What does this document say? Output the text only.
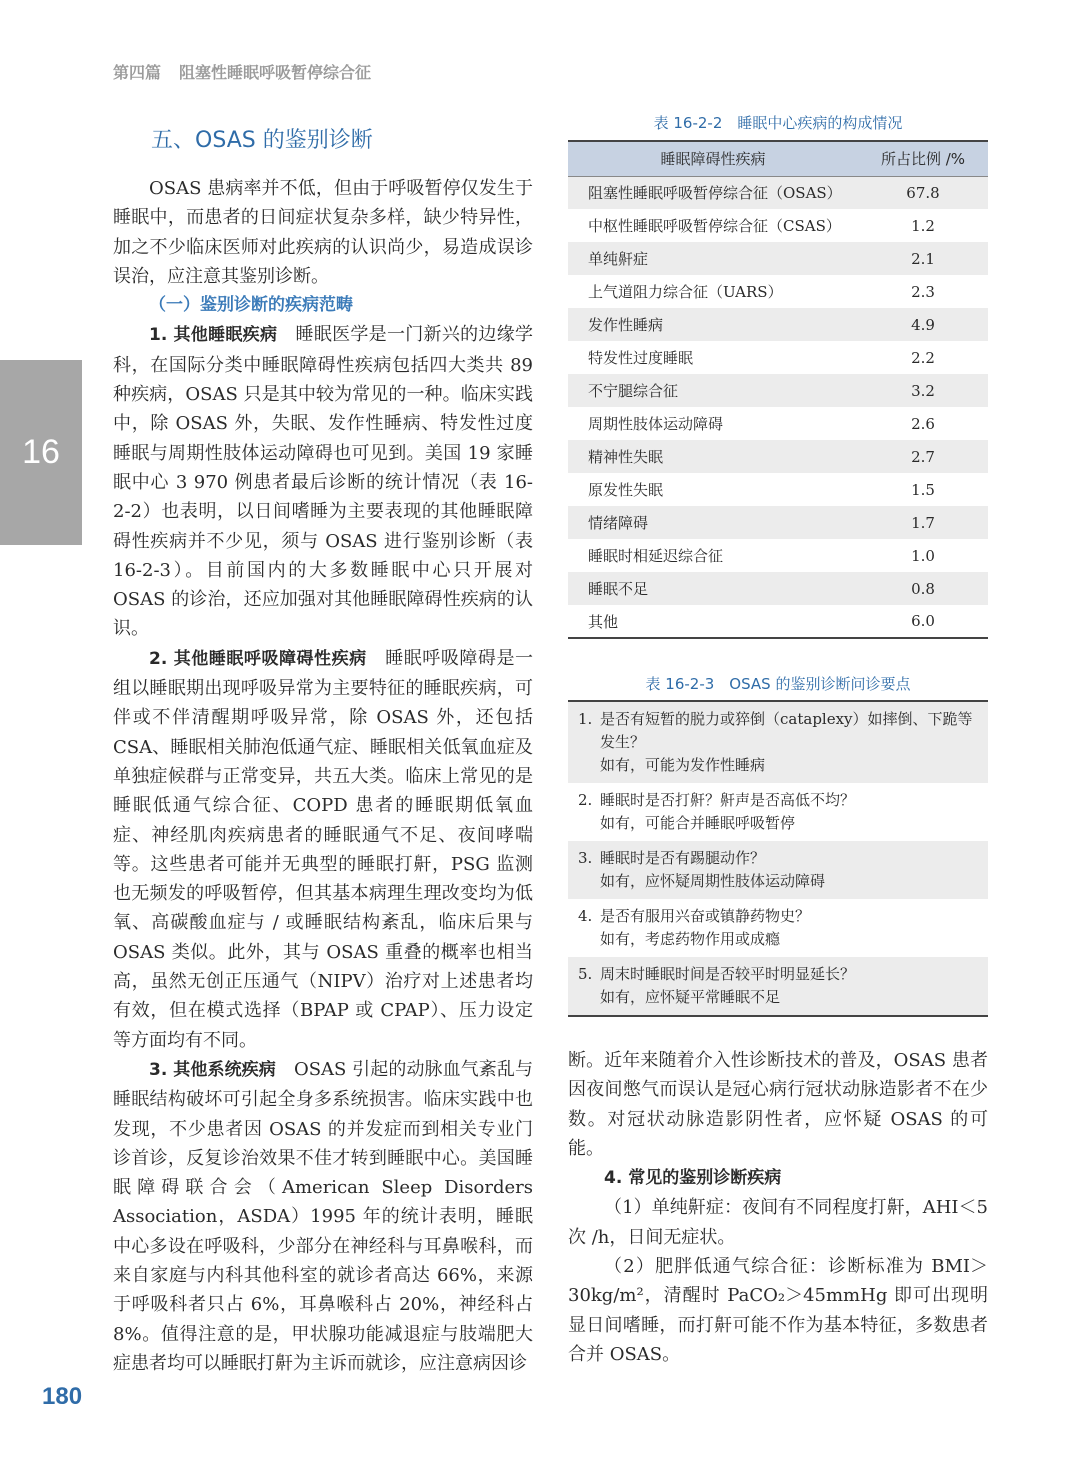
第四篇 阻塞性睡眠呼吸暂停综合征
16
五、OSAS 的鉴别诊断

OSAS 患病率并不低，但由于呼吸暂停仅发生于睡眠中，而患者的日间症状复杂多样，缺少特异性，加之不少临床医师对此疾病的认识尚少，易造成误诊误治，应注意其鉴别诊断。

（一）鉴别诊断的疾病范畴

1. 其他睡眠疾病　 睡眠医学是一门新兴的边缘学科，在国际分类中睡眠障碍性疾病包括四大类共 89 种疾病，OSAS 只是其中较为常见的一种。临床实践中，除 OSAS 外，失眠、发作性睡病、特发性过度睡眠与周期性肢体运动障碍也可见到。美国 19 家睡眠中心 3 970 例患者最后诊断的统计情况（表 16-2-2）也表明，以日间嗜睡为主要表现的其他睡眠障碍性疾病并不少见，须与 OSAS 进行鉴别诊断（表 16-2-3）。目前国内的大多数睡眠中心只开展对 OSAS 的诊治，还应加强对其他睡眠障碍性疾病的认识。

2. 其他睡眠呼吸障碍性疾病　 睡眠呼吸障碍是一组以睡眠期出现呼吸异常为主要特征的睡眠疾病，可伴或不伴清醒期呼吸异常，除 OSAS 外，还包括 CSA、睡眠相关肺泡低通气症、睡眠相关低氧血症及单独症候群与正常变异，共五大类。临床上常见的是睡眠低通气综合征、COPD 患者的睡眠期低氧血症、神经肌肉疾病患者的睡眠通气不足、夜间哮喘等。这些患者可能并无典型的睡眠打鼾，PSG 监测也无频发的呼吸暂停，但其基本病理生理改变均为低氧、高碳酸血症与 / 或睡眠结构紊乱，临床后果与 OSAS 类似。此外，其与 OSAS 重叠的概率也相当高，虽然无创正压通气（NIPV）治疗对上述患者均有效，但在模式选择（BPAP 或 CPAP）、压力设定等方面均有不同。

3. 其他系统疾病　 OSAS 引起的动脉血气紊乱与睡眠结构破坏可引起全身多系统损害。临床实践中也发现，不少患者因 OSAS 的并发症而到相关专业门诊首诊，反复诊治效果不佳才转到睡眠中心。美国睡眠障碍联合会（American Sleep Disorders Association，ASDA）1995 年的统计表明，睡眠中心多设在呼吸科，少部分在神经科与耳鼻喉科，而来自家庭与内科其他科室的就诊者高达 66%，来源于呼吸科者只占 6%，耳鼻喉科占 20%，神经科占 8%。值得注意的是，甲状腺功能减退症与肢端肥大症患者均可以睡眠打鼾为主诉而就诊，应注意病因诊

表 16-2-2　睡眠中心疾病的构成情况
睡眠障碍性疾病	所占比例 /%
阻塞性睡眠呼吸暂停综合征（OSAS）	67.8
中枢性睡眠呼吸暂停综合征（CSAS）	1.2
单纯鼾症	2.1
上气道阻力综合征（UARS）	2.3
发作性睡病	4.9
特发性过度睡眠	2.2
不宁腿综合征	3.2
周期性肢体运动障碍	2.6
精神性失眠	2.7
原发性失眠	1.5
情绪障碍	1.7
睡眠时相延迟综合征	1.0
睡眠不足	0.8
其他	6.0
表 16-2-3　OSAS 的鉴别诊断问诊要点
1. 是否有短暂的脱力或猝倒（cataplexy）如摔倒、下跪等发生？
如有，可能为发作性睡病
2. 睡眠时是否打鼾？鼾声是否高低不均？
如有，可能合并睡眠呼吸暂停
3. 睡眠时是否有踢腿动作？
如有，应怀疑周期性肢体运动障碍
4. 是否有服用兴奋或镇静药物史？
如有，考虑药物作用或成瘾
5. 周末时睡眠时间是否较平时明显延长？
如有，应怀疑平常睡眠不足

断。近年来随着介入性诊断技术的普及，OSAS 患者因夜间憋气而误认是冠心病行冠状动脉造影者不在少数。对冠状动脉造影阴性者，应怀疑 OSAS 的可能。

4. 常见的鉴别诊断疾病

（1）单纯鼾症：夜间有不同程度打鼾，AHI＜5 次 /h，日间无症状。

（2）肥胖低通气综合征：诊断标准为 BMI＞30kg/m²，清醒时 PaCO₂＞45mmHg 即可出现明显日间嗜睡，而打鼾可能不作为基本特征，多数患者合并 OSAS。

180
